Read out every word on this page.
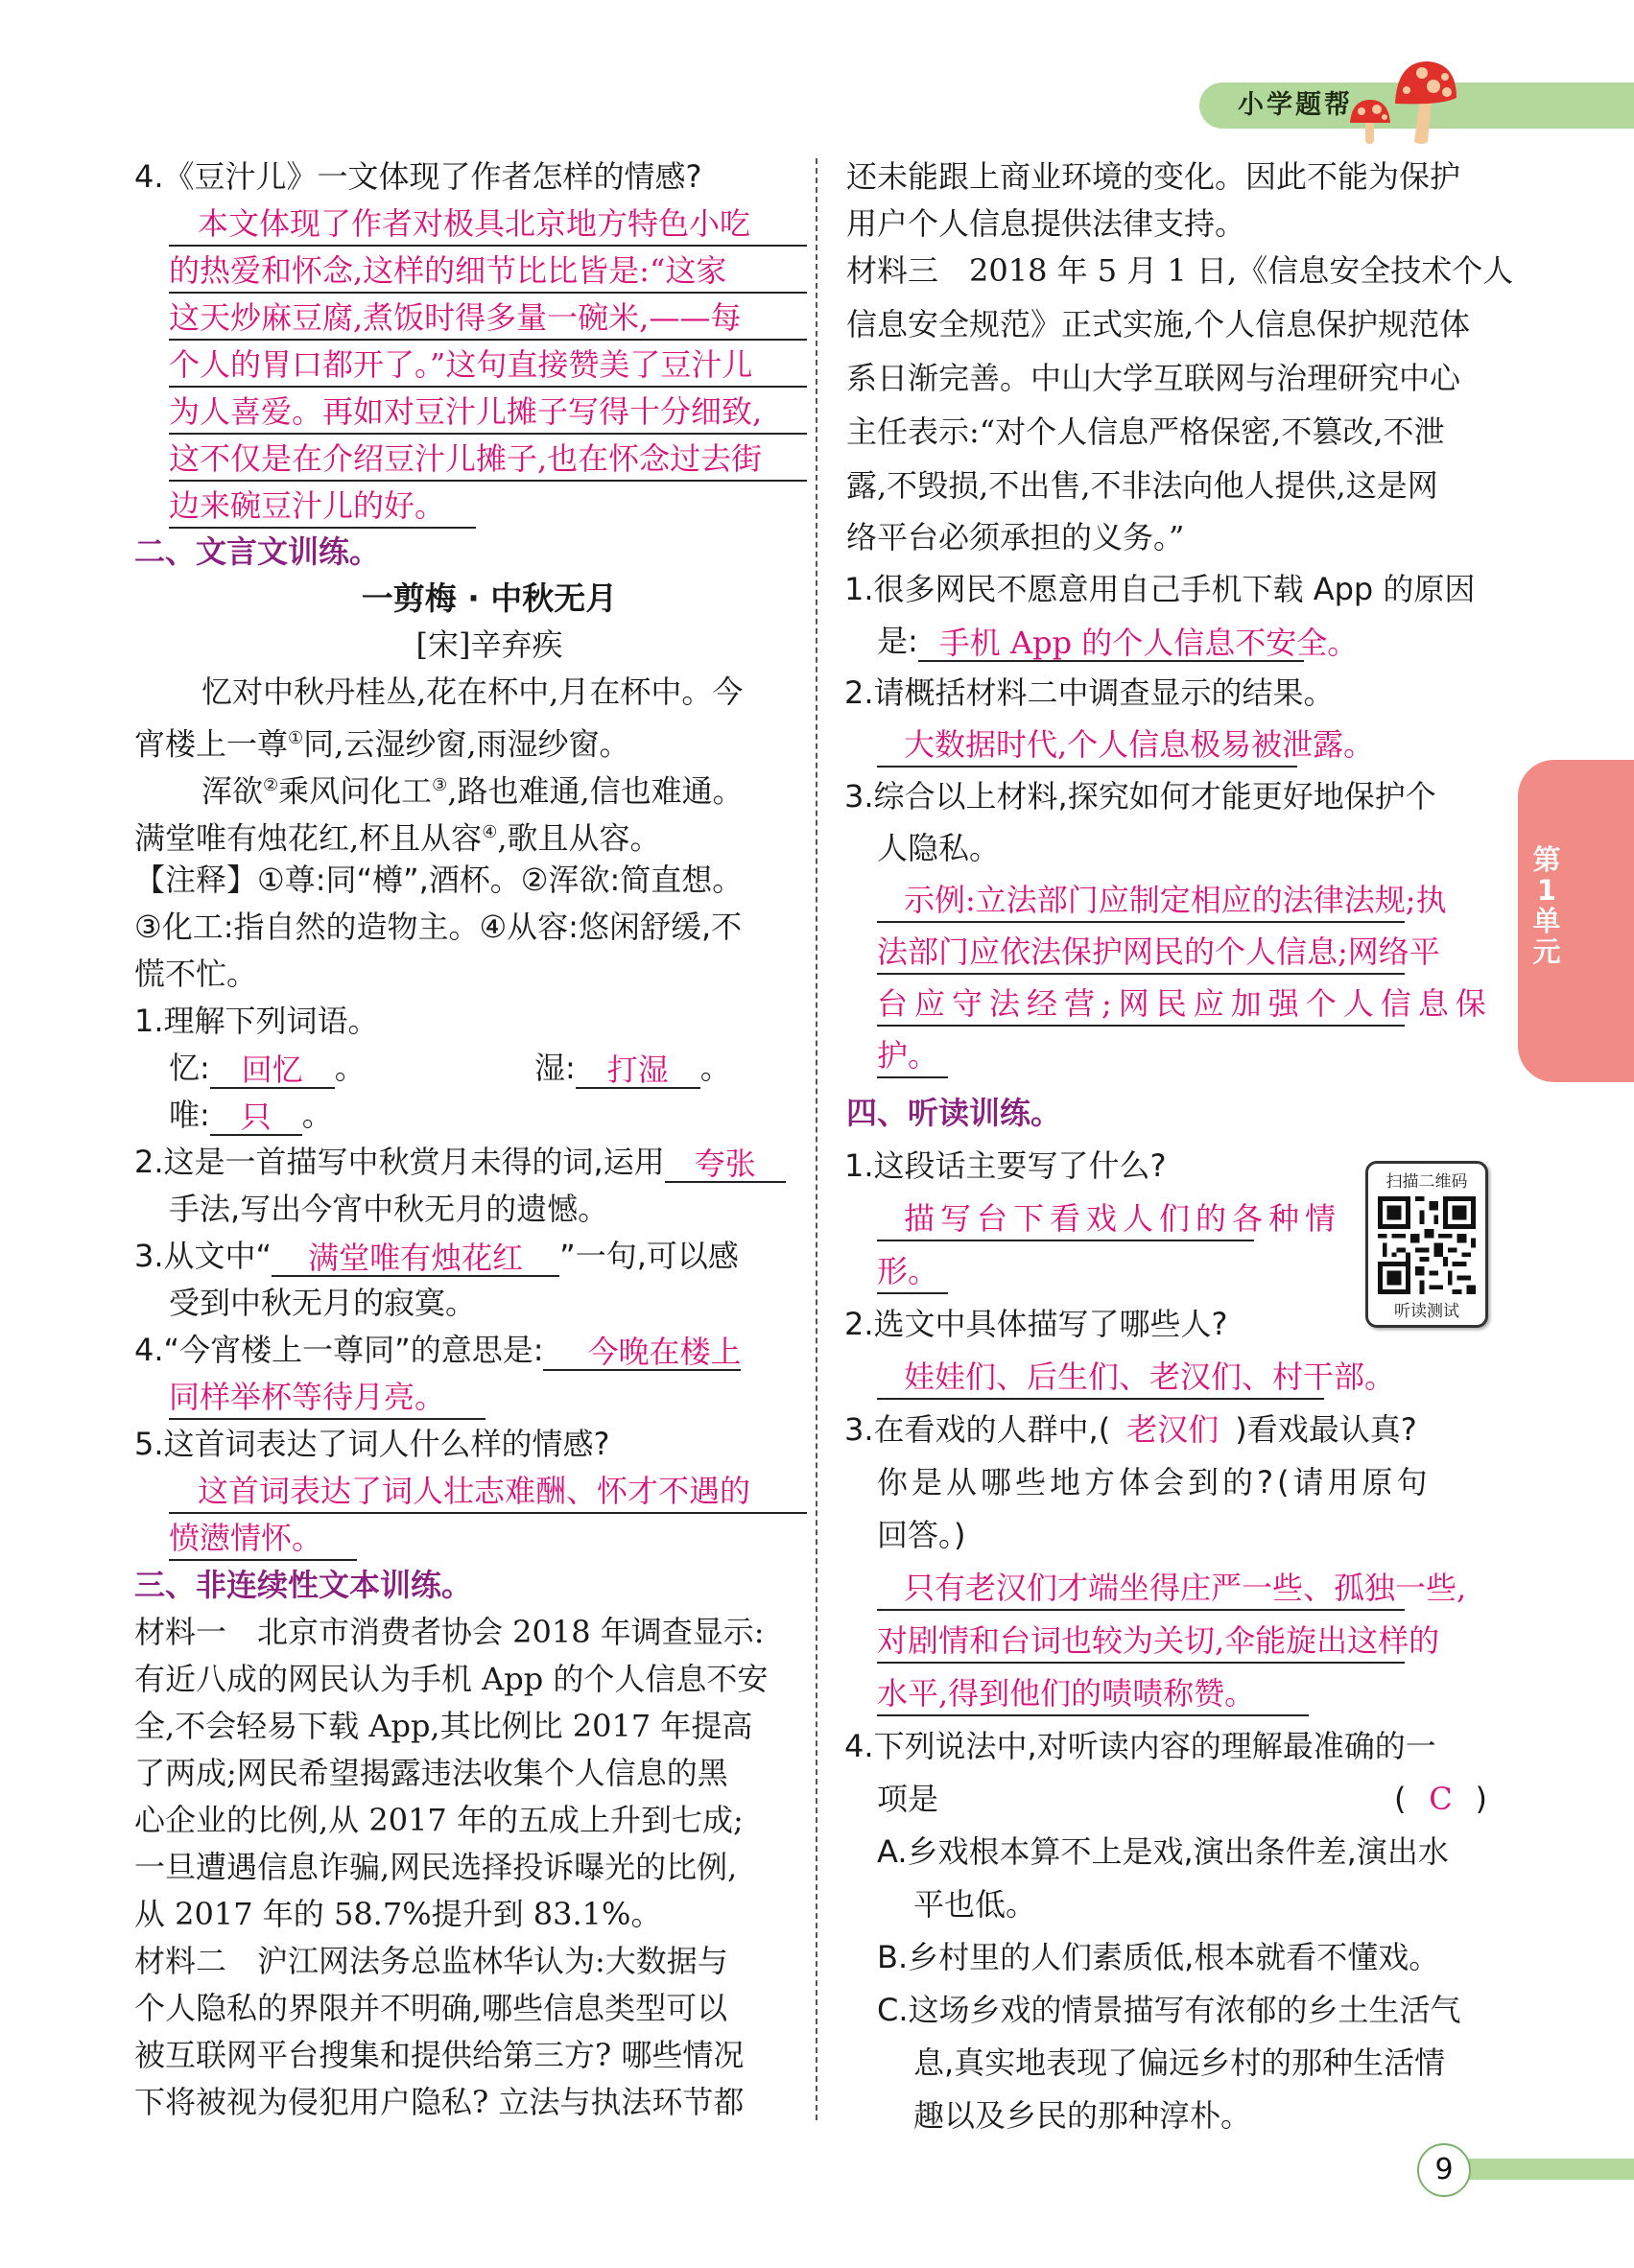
小学题帮
第
1
单
元
4.《豆汁儿》一文体现了作者怎样的情感?
本文体现了作者对极具北京地方特色小吃
的热爱和怀念,这样的细节比比皆是:“这家
这天炒麻豆腐,煮饭时得多量一碗米,——每
个人的胃口都开了。”这句直接赞美了豆汁儿
为人喜爱。再如对豆汁儿摊子写得十分细致,
这不仅是在介绍豆汁儿摊子,也在怀念过去街
边来碗豆汁儿的好。
二、文言文训练。
一剪梅 · 中秋无月
[宋]辛弃疾
忆对中秋丹桂丛,花在杯中,月在杯中。今
宵楼上一尊①同,云湿纱窗,雨湿纱窗。
浑欲②乘风问化工③,路也难通,信也难通。
满堂唯有烛花红,杯且从容④,歌且从容。
【注释】①尊:同“樽”,酒杯。②浑欲:简直想。
③化工:指自然的造物主。④从容:悠闲舒缓,不
慌不忙。
1.理解下列词语。
忆: 回忆 。	湿: 打湿 。
唯: 只 。
2.这是一首描写中秋赏月未得的词,运用 夸张
手法,写出今宵中秋无月的遗憾。
3.从文中“ 满堂唯有烛花红 ”一句,可以感
受到中秋无月的寂寞。
4.“今宵楼上一尊同”的意思是: 今晚在楼上
同样举杯等待月亮。
5.这首词表达了词人什么样的情感?
这首词表达了词人壮志难酬、怀才不遇的
愤懑情怀。
三、非连续性文本训练。
材料一　北京市消费者协会 2018 年调查显示:
有近八成的网民认为手机 App 的个人信息不安
全,不会轻易下载 App,其比例比 2017 年提高
了两成;网民希望揭露违法收集个人信息的黑
心企业的比例,从 2017 年的五成上升到七成;
一旦遭遇信息诈骗,网民选择投诉曝光的比例,
从 2017 年的 58.7%提升到 83.1%。
材料二　沪江网法务总监林华认为:大数据与
个人隐私的界限并不明确,哪些信息类型可以
被互联网平台搜集和提供给第三方? 哪些情况
下将被视为侵犯用户隐私? 立法与执法环节都
还未能跟上商业环境的变化。因此不能为保护
用户个人信息提供法律支持。
材料三　2018 年 5 月 1 日,《信息安全技术个人
信息安全规范》正式实施,个人信息保护规范体
系日渐完善。中山大学互联网与治理研究中心
主任表示:“对个人信息严格保密,不篡改,不泄
露,不毁损,不出售,不非法向他人提供,这是网
络平台必须承担的义务。”
1.很多网民不愿意用自己手机下载 App 的原因
是: 手机 App 的个人信息不安全。
2.请概括材料二中调查显示的结果。
大数据时代,个人信息极易被泄露。
3.综合以上材料,探究如何才能更好地保护个
人隐私。
示例:立法部门应制定相应的法律法规;执
法部门应依法保护网民的个人信息;网络平
台应守法经营;网民应加强个人信息保
护。
四、听读训练。
扫描二维码
听读测试
1.这段话主要写了什么?
描写台下看戏人们的各种情
形。
2.选文中具体描写了哪些人?
娃娃们、后生们、老汉们、村干部。
3.在看戏的人群中,( 老汉们 )看戏最认真?
你是从哪些地方体会到的?(请用原句
回答。)
只有老汉们才端坐得庄严一些、孤独一些,
对剧情和台词也较为关切,伞能旋出这样的
水平,得到他们的啧啧称赞。
4.下列说法中,对听读内容的理解最准确的一
项是	( C )
A.乡戏根本算不上是戏,演出条件差,演出水
平也低。
B.乡村里的人们素质低,根本就看不懂戏。
C.这场乡戏的情景描写有浓郁的乡土生活气
息,真实地表现了偏远乡村的那种生活情
趣以及乡民的那种淳朴。
9
